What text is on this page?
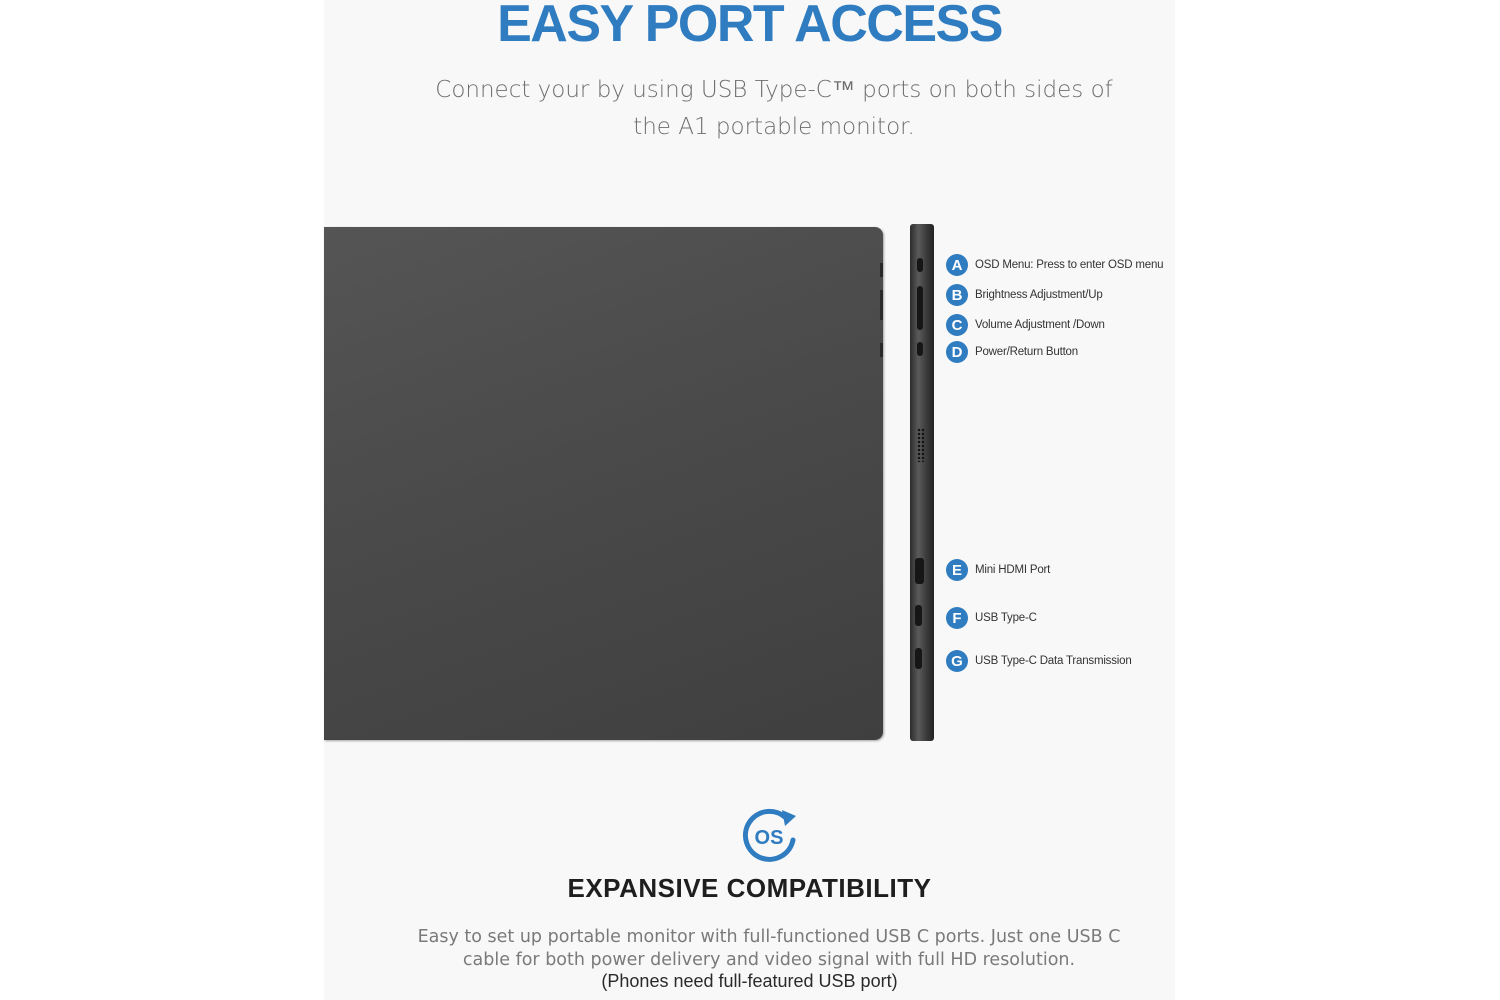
EASY PORT ACCESS

Connect your by using USB Type-C™ ports on both sides of
the A1 portable monitor.

A	OSD Menu: Press to enter OSD menu
B	Brightness Adjustment/Up
C	Volume Adjustment /Down
D	Power/Return Button
E	Mini HDMI Port
F	USB Type-C
G	USB Type-C Data Transmission
OS
EXPANSIVE COMPATIBILITY

Easy to set up portable monitor with full-functioned USB C ports. Just one USB C
cable for both power delivery and video signal with full HD resolution.

(Phones need full-featured USB port)
